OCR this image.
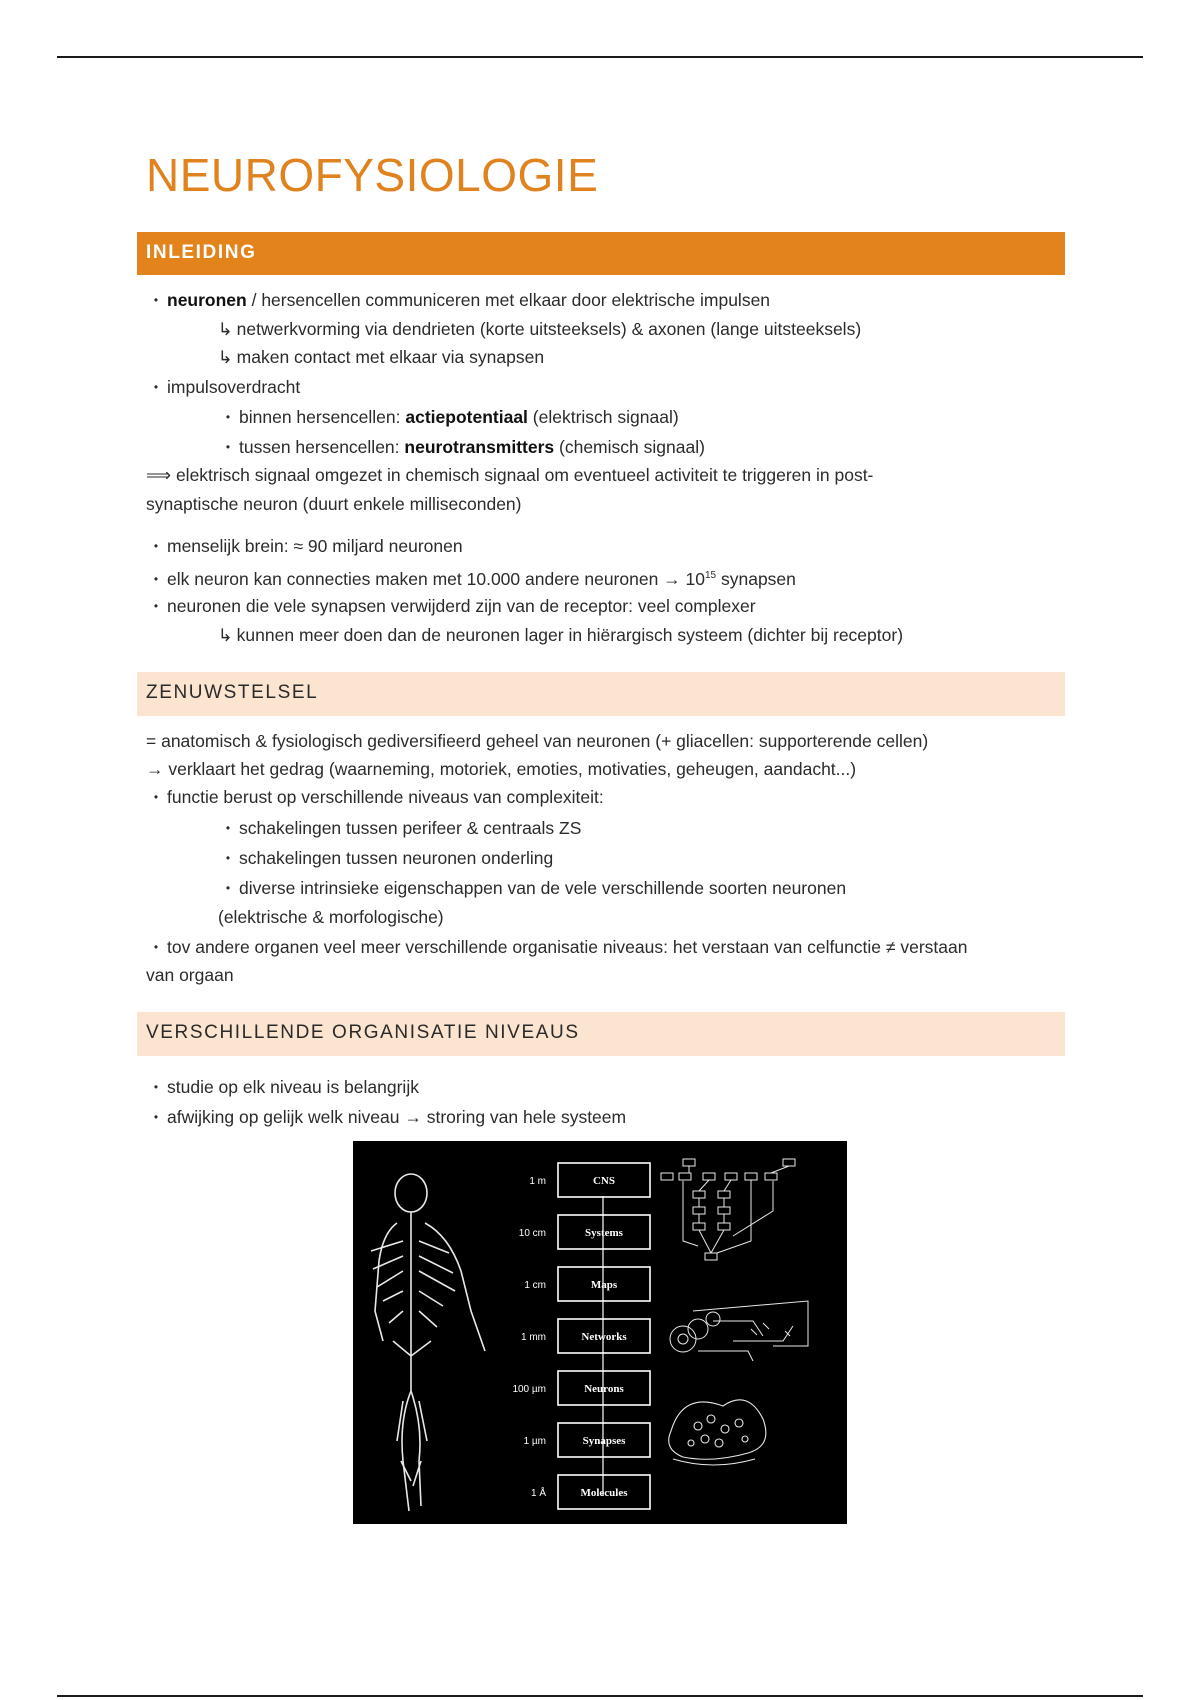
NEUROFYSIOLOGIE
INLEIDING
• neuronen / hersencellen communiceren met elkaar door elektrische impulsen
↳ netwerkvorming via dendrieten (korte uitsteeksels) & axonen (lange uitsteeksels)
↳ maken contact met elkaar via synapsen
• impulsoverdracht
• binnen hersencellen: actiepotentiaal (elektrisch signaal)
• tussen hersencellen: neurotransmitters (chemisch signaal)
⟹ elektrisch signaal omgezet in chemisch signaal om eventueel activiteit te triggeren in post-
synaptische neuron (duurt enkele milliseconden)
• menselijk brein: ≈ 90 miljard neuronen
• elk neuron kan connecties maken met 10.000 andere neuronen → $10^{15}$ synapsen
• neuronen die vele synapsen verwijderd zijn van de receptor: veel complexer
↳ kunnen meer doen dan de neuronen lager in hiërargisch systeem (dichter bij receptor)
ZENUWSTELSEL
= anatomisch & fysiologisch gediversifieerd geheel van neuronen (+ gliacellen: supporterende cellen)
→ verklaart het gedrag (waarneming, motoriek, emoties, motivaties, geheugen, aandacht...)
• functie berust op verschillende niveaus van complexiteit:
• schakelingen tussen perifeer & centraals ZS
• schakelingen tussen neuronen onderling
• diverse intrinsieke eigenschappen van de vele verschillende soorten neuronen
(elektrische & morfologische)
• tov andere organen veel meer verschillende organisatie niveaus: het verstaan van celfunctie ≠ verstaan
van orgaan
VERSCHILLENDE ORGANISATIE NIVEAUS
• studie op elk niveau is belangrijk
• afwijking op gelijk welk niveau → stroring van hele systeem
1 m	CNS
10 cm	Systems
1 cm	Maps
1 mm	Networks
100 µm	Neurons
1 µm	Synapses
1 Å	Molecules
